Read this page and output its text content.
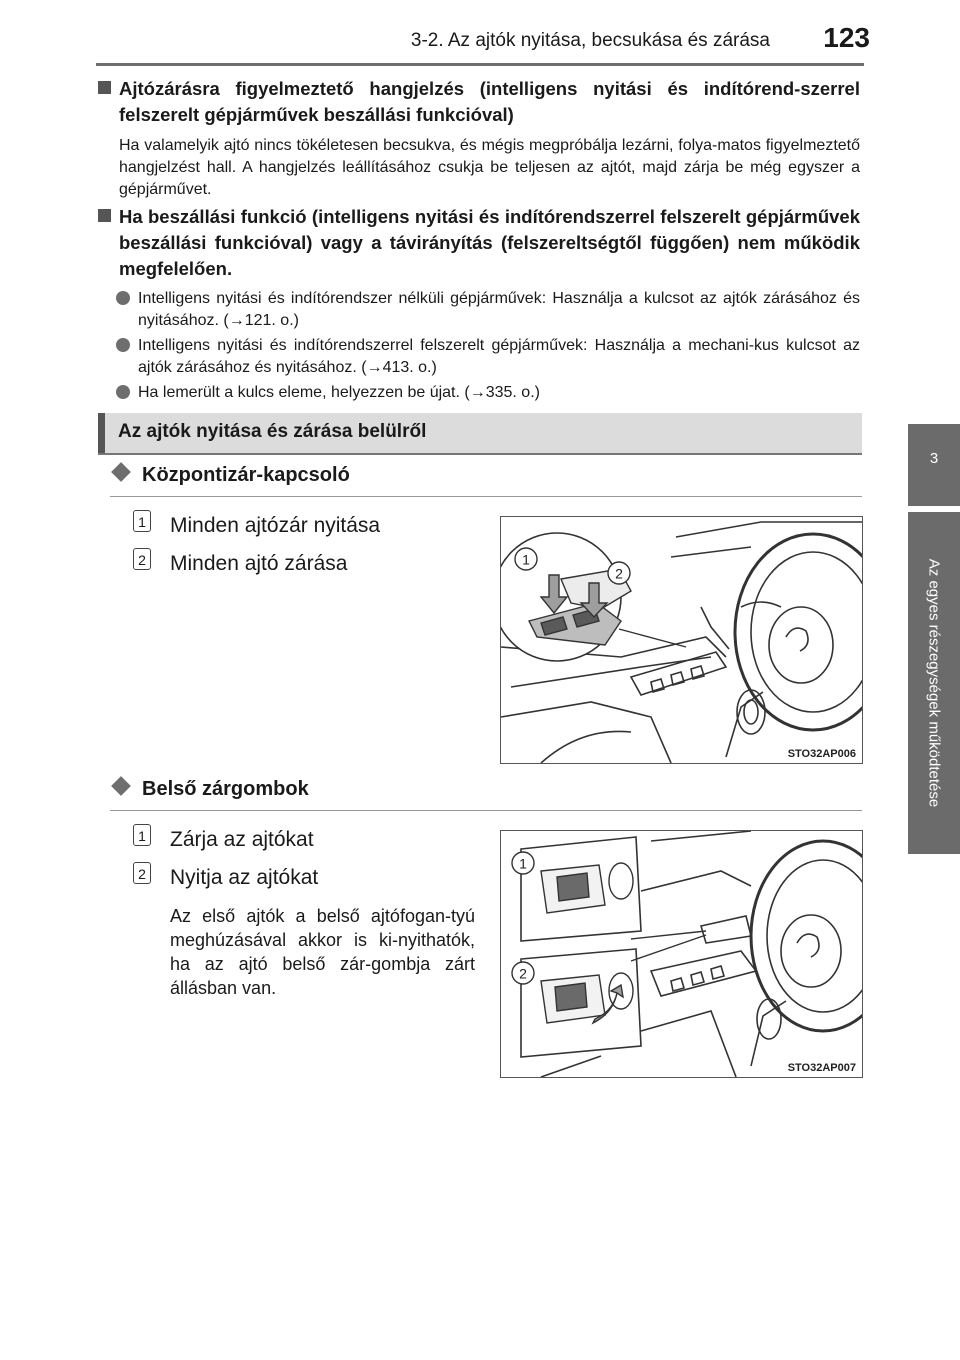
3-2. Az ajtók nyitása, becsukása és zárása	123
3
Az egyes részegységek működtetése
Ajtózárásra figyelmeztető hangjelzés (intelligens nyitási és indítórend-szerrel felszerelt gépjárművek beszállási funkcióval)
Ha valamelyik ajtó nincs tökéletesen becsukva, és mégis megpróbálja lezárni, folya-matos figyelmeztető hangjelzést hall. A hangjelzés leállításához csukja be teljesen az ajtót, majd zárja be még egyszer a gépjárművet.
Ha beszállási funkció (intelligens nyitási és indítórendszerrel felszerelt gépjárművek beszállási funkcióval) vagy a távirányítás (felszereltségtől függően) nem működik megfelelően.
Intelligens nyitási és indítórendszer nélküli gépjárművek: Használja a kulcsot az ajtók zárásához és nyitásához. (→121. o.)
Intelligens nyitási és indítórendszerrel felszerelt gépjárművek: Használja a mechani-kus kulcsot az ajtók zárásához és nyitásához. (→413. o.)
Ha lemerült a kulcs eleme, helyezzen be újat. (→335. o.)
Az ajtók nyitása és zárása belülről
Központizár-kapcsoló
1 Minden ajtózár nyitása
2 Minden ajtó zárása	1
2
STO32AP006
Belső zárgombok
1 Zárja az ajtókat
2 Nyitja az ajtókat
Az első ajtók a belső ajtófogan-tyú meghúzásával akkor is ki-nyithatók, ha az ajtó belső zár-gombja zárt állásban van.
1
2
STO32AP007
